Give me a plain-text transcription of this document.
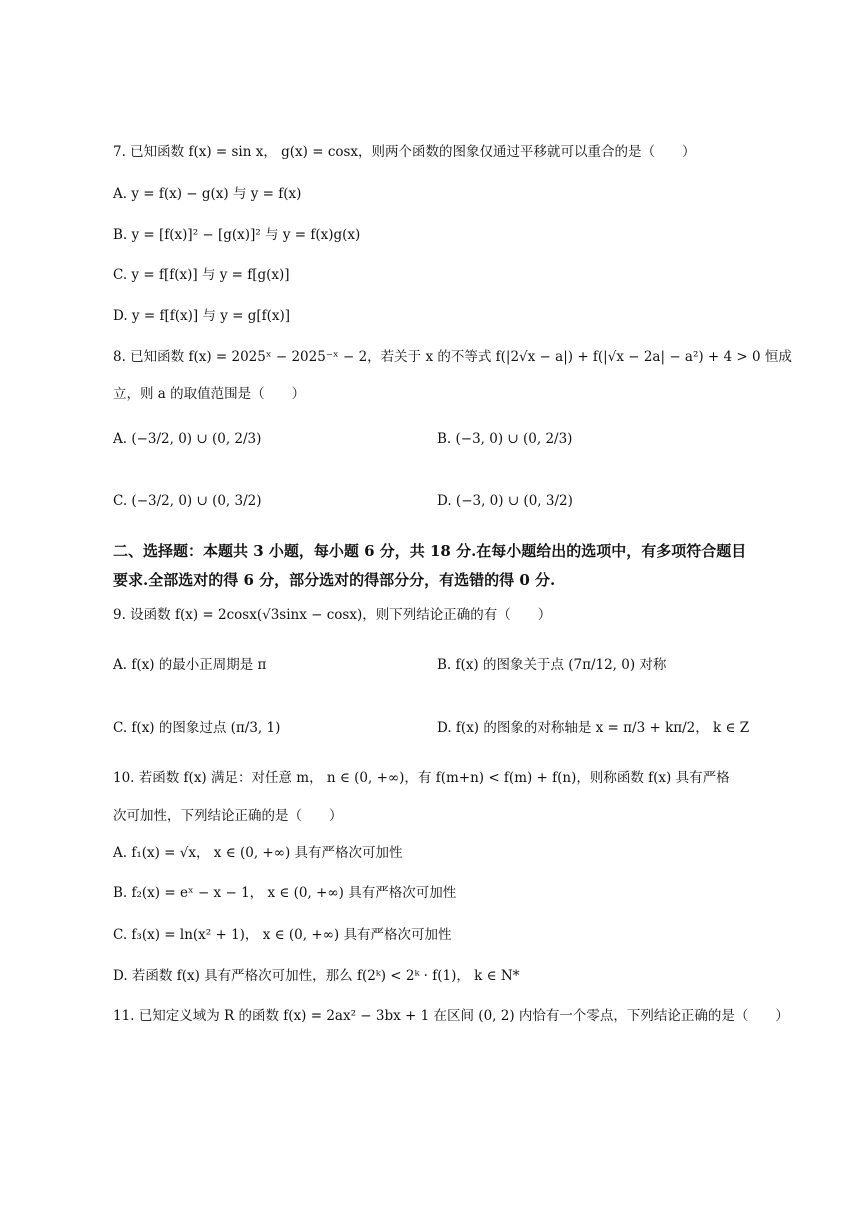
7. 已知函数 f(x) = sin x， g(x) = cosx，则两个函数的图象仅通过平移就可以重合的是（　　）
A. y = f(x) − g(x) 与 y = f(x)
B. y = [f(x)]² − [g(x)]² 与 y = f(x)g(x)
C. y = f[f(x)] 与 y = f[g(x)]
D. y = f[f(x)] 与 y = g[f(x)]
8. 已知函数 f(x) = 2025ˣ − 2025⁻ˣ − 2，若关于 x 的不等式 f(|2√x − a|) + f(|√x − 2a| − a²) + 4 > 0 恒成
立，则 a 的取值范围是（　　）
A. (−3/2, 0) ∪ (0, 2/3)	B. (−3, 0) ∪ (0, 2/3)
C. (−3/2, 0) ∪ (0, 3/2)	D. (−3, 0) ∪ (0, 3/2)
二、选择题：本题共 3 小题，每小题 6 分，共 18 分.在每小题给出的选项中，有多项符合题目
要求.全部选对的得 6 分，部分选对的得部分分，有选错的得 0 分.
9. 设函数 f(x) = 2cosx(√3sinx − cosx)，则下列结论正确的有（　　）
A. f(x) 的最小正周期是 π	B. f(x) 的图象关于点 (7π/12, 0) 对称
C. f(x) 的图象过点 (π/3, 1)	D. f(x) 的图象的对称轴是 x = π/3 + kπ/2， k ∈ Z
10. 若函数 f(x) 满足：对任意 m， n ∈ (0, +∞)，有 f(m+n) < f(m) + f(n)，则称函数 f(x) 具有严格
次可加性，下列结论正确的是（　　）
A. f₁(x) = √x， x ∈ (0, +∞) 具有严格次可加性
B. f₂(x) = eˣ − x − 1， x ∈ (0, +∞) 具有严格次可加性
C. f₃(x) = ln(x² + 1)， x ∈ (0, +∞) 具有严格次可加性
D. 若函数 f(x) 具有严格次可加性，那么 f(2ᵏ) < 2ᵏ · f(1)， k ∈ N*
11. 已知定义域为 R 的函数 f(x) = 2ax² − 3bx + 1 在区间 (0, 2) 内恰有一个零点，下列结论正确的是（　　）
